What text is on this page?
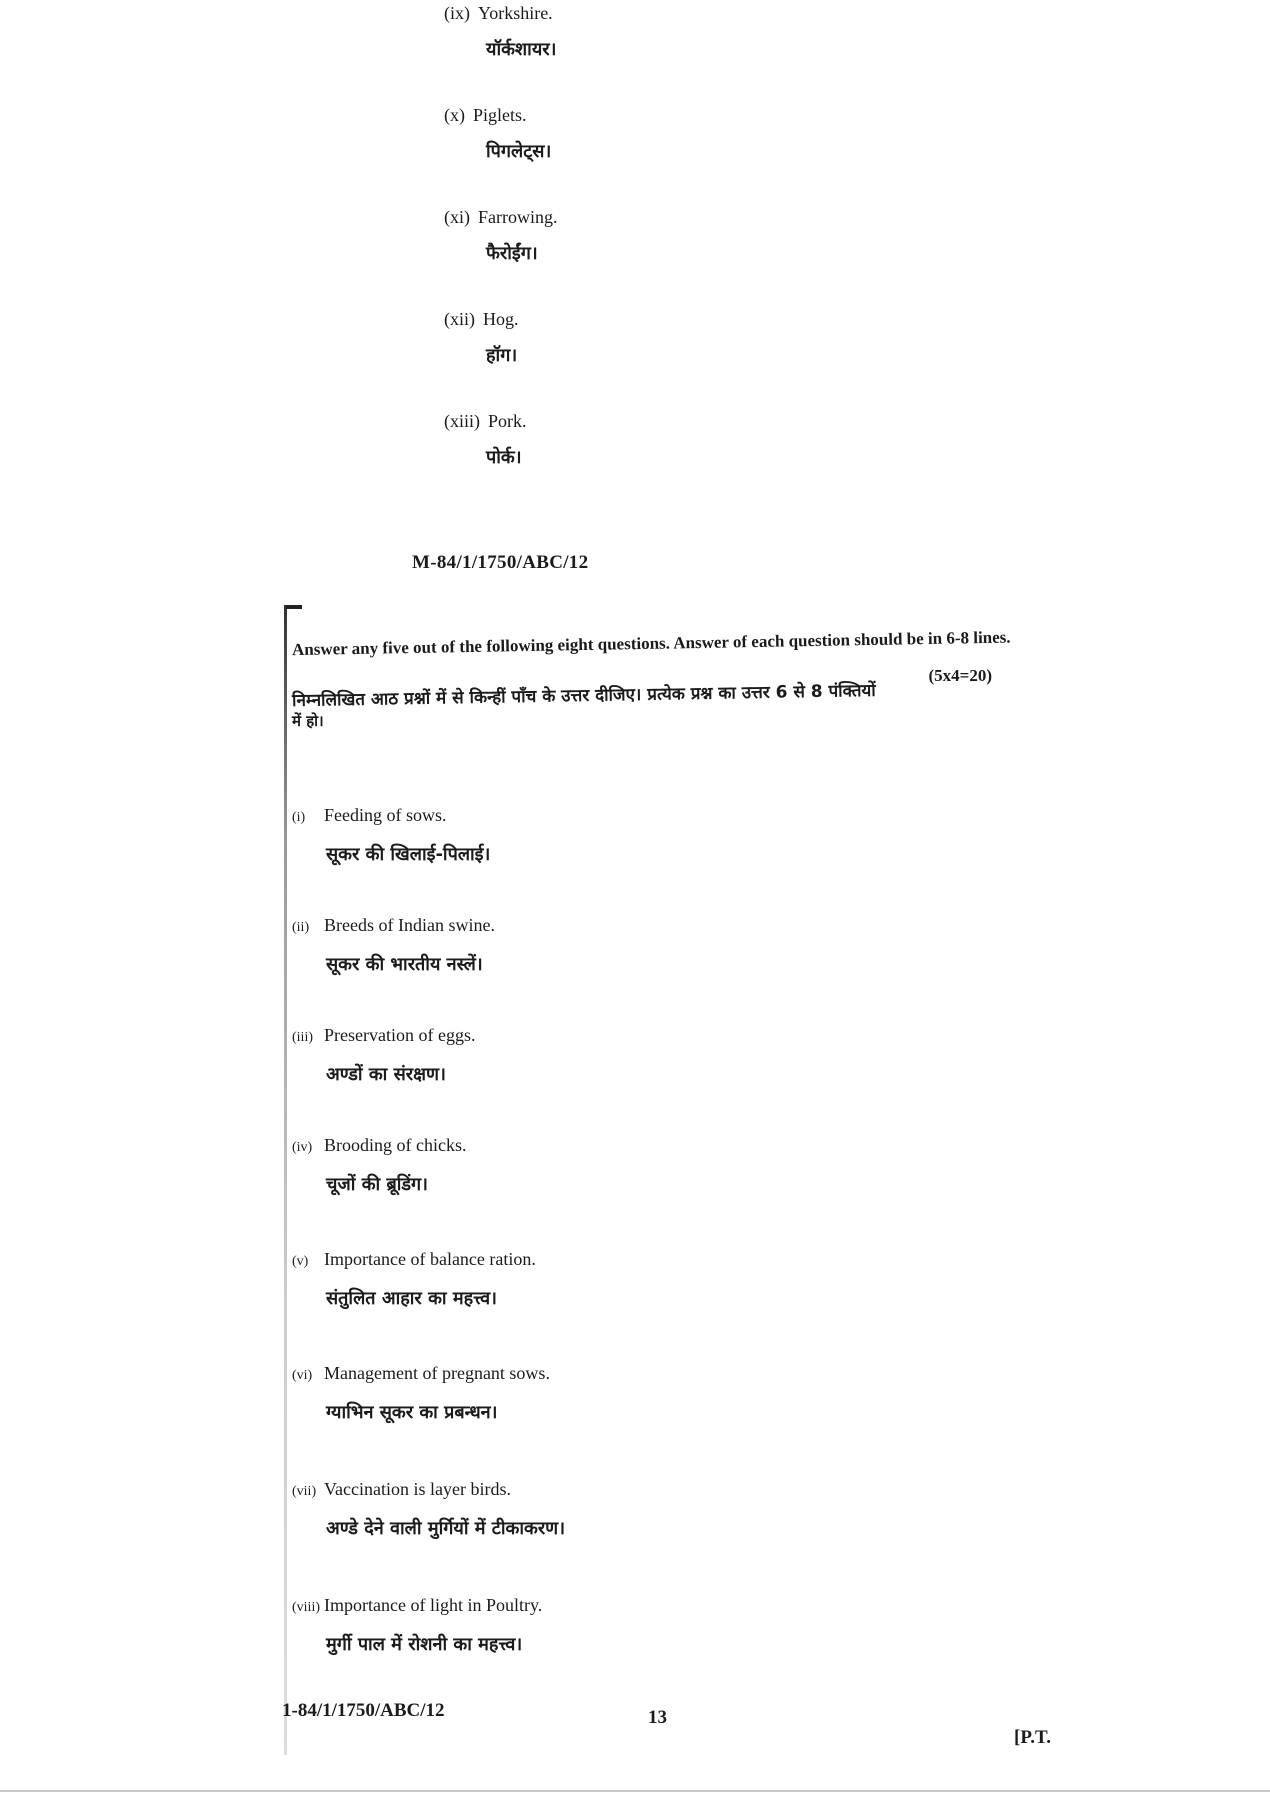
(ix) Yorkshire.
यॉर्कशायर।
(x) Piglets.
पिगलेट्स।
(xi) Farrowing.
फैरोईंग।
(xii) Hog.
हॉग।
(xiii) Pork.
पोर्क।
M-84/1/1750/ABC/12
Answer any five out of the following eight questions. Answer of each question should be in 6-8 lines.
(5x4=20)
निम्नलिखित आठ प्रश्नों में से किन्हीं पाँच के उत्तर दीजिए। प्रत्येक प्रश्न का उत्तर 6 से 8 पंक्तियों
में हो।
(i) Feeding of sows.
सूकर की खिलाई-पिलाई।
(ii) Breeds of Indian swine.
सूकर की भारतीय नस्लें।
(iii) Preservation of eggs.
अण्डों का संरक्षण।
(iv) Brooding of chicks.
चूजों की ब्रूडिंग।
(v) Importance of balance ration.
संतुलित आहार का महत्त्व।
(vi) Management of pregnant sows.
ग्याभिन सूकर का प्रबन्धन।
(vii) Vaccination is layer birds.
अण्डे देने वाली मुर्गियों में टीकाकरण।
(viii) Importance of light in Poultry.
मुर्गी पाल में रोशनी का महत्त्व।
1-84/1/1750/ABC/12	13
[P.T.
